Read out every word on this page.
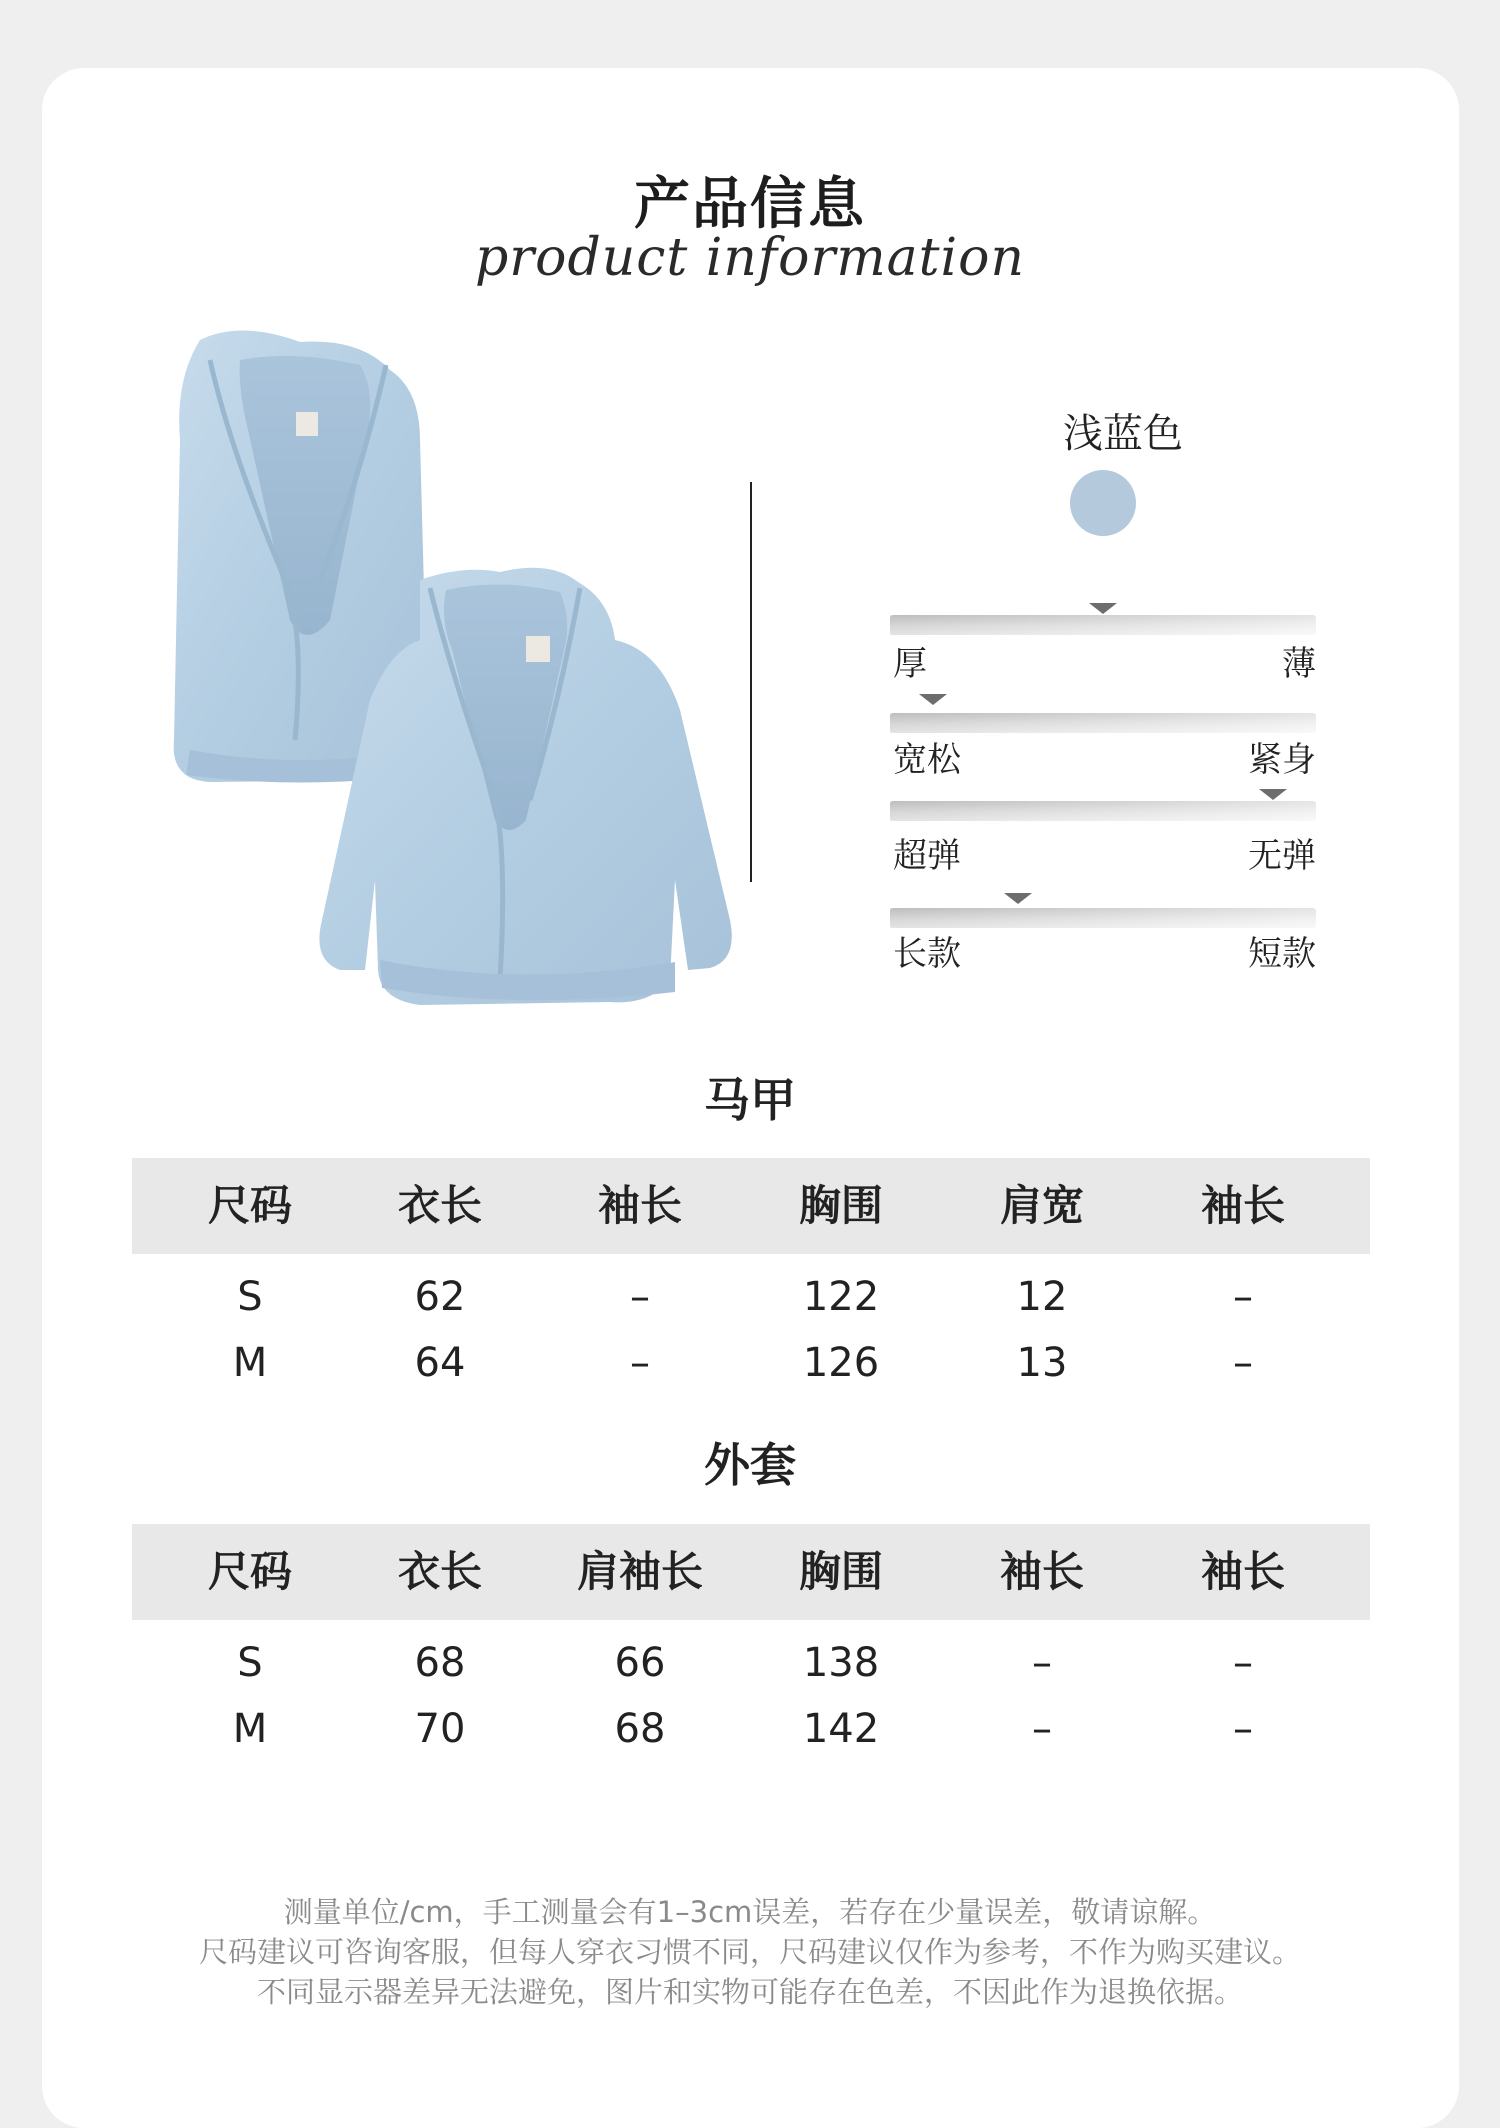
产品信息
product information
浅蓝色
厚	薄
宽松	紧身
超弹	无弹
长款	短款
马甲
尺码	衣长	袖长	胸围	肩宽	袖长
S	62	–	122	12	–
M	64	–	126	13	–
外套
尺码	衣长	肩袖长	胸围	袖长	袖长
S	68	66	138	–	–
M	70	68	142	–	–
测量单位/cm，手工测量会有1–3cm误差，若存在少量误差，敬请谅解。
尺码建议可咨询客服，但每人穿衣习惯不同，尺码建议仅作为参考，不作为购买建议。
不同显示器差异无法避免，图片和实物可能存在色差，不因此作为退换依据。
